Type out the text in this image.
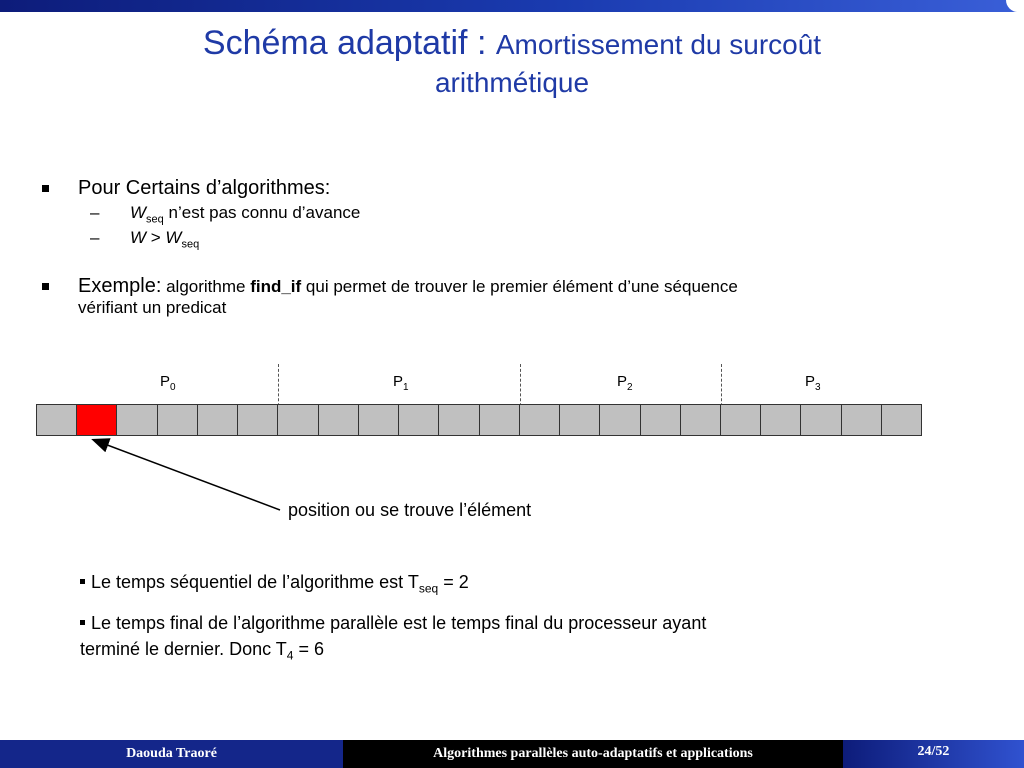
Schéma adaptatif : Amortissement du surcoût
arithmétique
Pour Certains d’algorithmes:
– $W_{seq}$ n’est pas connu d’avance
– $W > W_{seq}$
Exemple: algorithme find_if qui permet de trouver le premier élément d’une séquence
vérifiant un predicat
$P_0$	$P_1$	$P_2$	$P_3$
position ou se trouve l’élément
Le temps séquentiel de l’algorithme est $T_{seq} = 2$
Le temps final de l’algorithme parallèle est le temps final du processeur ayant
terminé le dernier. Donc $T_4 = 6$
Daouda Traoré	Algorithmes parallèles auto-adaptatifs et applications	24/52
